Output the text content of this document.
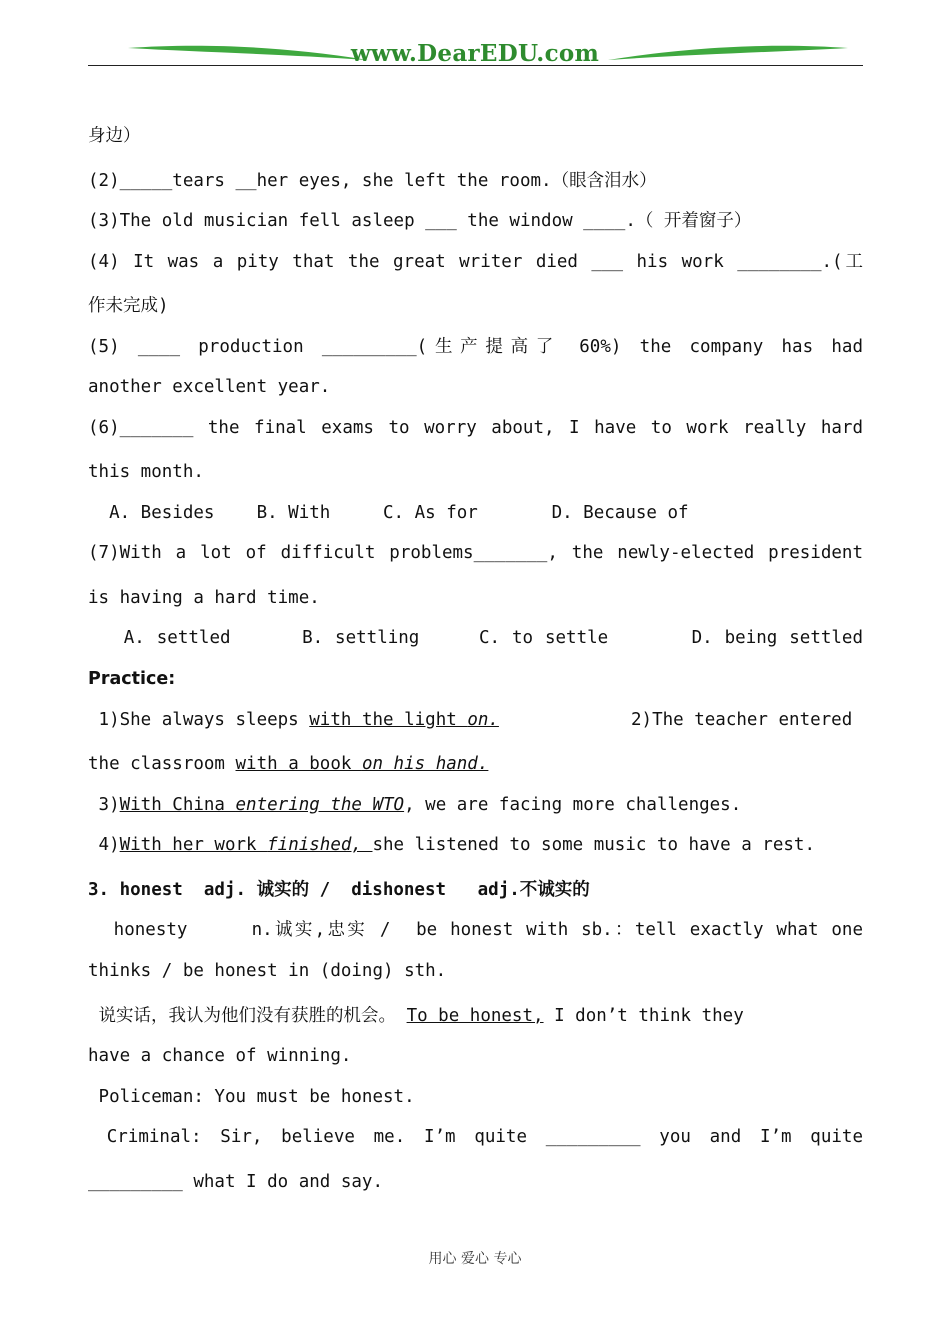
www.DearEDU.com
身边）
(2)_____tears __her eyes, she left the room.（眼含泪水）
(3)The old musician fell asleep ___ the window ____.（ 开着窗子）
(4) It was a pity that the great writer died ___ his work ________.(工
作未完成)
(5) ____ production _________(生产提高了 60%) the company has had
another excellent year.
(6)_______ the final exams to worry about, I have to work really hard
this month.
A. Besides    B. With     C. As for       D. Because of
(7)With a lot of difficult problems_______, the newly-elected president
is having a hard time.
A. settled      B. settling     C. to settle       D. being settled
Practice:
1)She always sleeps with the light on.	2)The teacher entered
the classroom with a book on his hand.
3)With China entering the WTO, we are facing more challenges.
4)With her work finished, she listened to some music to have a rest.
3. honest  adj. 诚实的 /  dishonest   adj.不诚实的
honesty     n.诚实,忠实 /  be honest with sb.：tell exactly what one
thinks / be honest in (doing) sth.
说实话，我认为他们没有获胜的机会。 To be honest, I don’t think they
have a chance of winning.
Policeman: You must be honest.
Criminal: Sir, believe me. I’m quite _________ you and I’m quite
_________ what I do and say.
用心 爱心 专心
